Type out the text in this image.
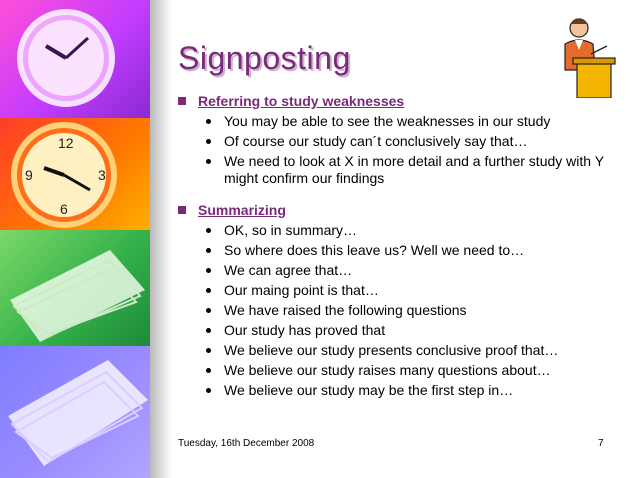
12
3
6
9
Signposting
Referring to study weaknesses
You may be able to see the weaknesses in our study
Of course our study can´t conclusively say that…
We need to look at X in more detail and a further study with Y might confirm our findings
Summarizing
OK, so in summary…
So where does this leave us? Well we need to…
We can agree that…
Our maing point is that…
We have raised the following questions
Our study has proved that
We believe our study presents conclusive proof that…
We believe our study raises many questions about…
We believe our study may be the first step in…
Tuesday, 16th December 2008	7
